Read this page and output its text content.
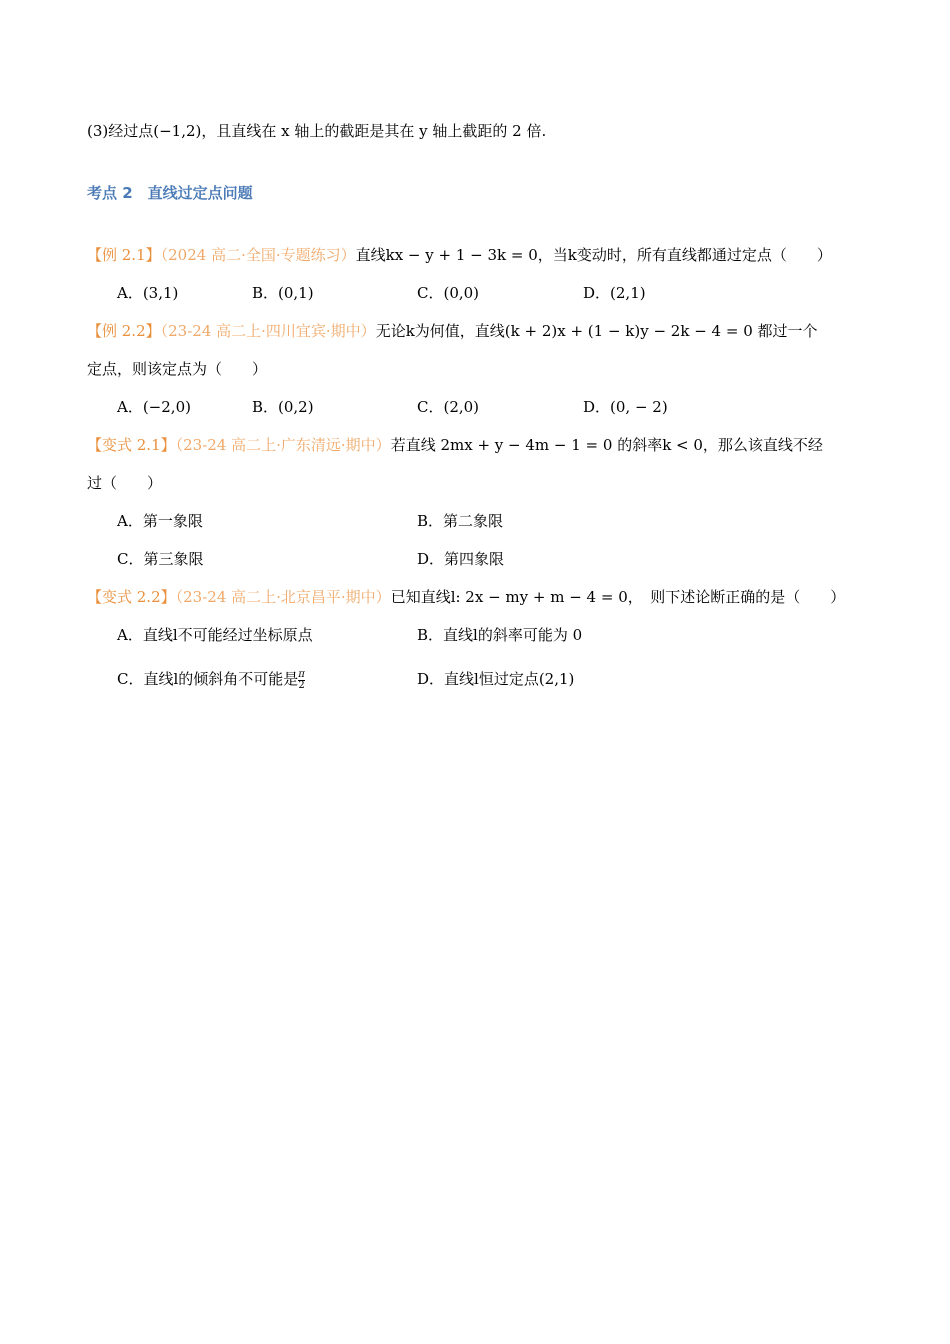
(3)经过点(−1,2)，且直线在 x 轴上的截距是其在 y 轴上截距的 2 倍.
考点 2　直线过定点问题
【例 2.1】（2024 高二·全国·专题练习）直线kx − y + 1 − 3k = 0，当k变动时，所有直线都通过定点（　　）
A．(3,1)	B．(0,1)	C．(0,0)	D．(2,1)
【例 2.2】（23-24 高二上·四川宜宾·期中）无论k为何值，直线(k + 2)x + (1 − k)y − 2k − 4 = 0 都过一个
定点，则该定点为（　　）
A．(−2,0)	B．(0,2)	C．(2,0)	D．(0, − 2)
【变式 2.1】（23-24 高二上·广东清远·期中）若直线 2mx + y − 4m − 1 = 0 的斜率k < 0，那么该直线不经
过（　　）
A．第一象限	B．第二象限
C．第三象限	D．第四象限
【变式 2.2】（23-24 高二上·北京昌平·期中）已知直线l: 2x − my + m − 4 = 0，　则下述论断正确的是（　　）
A．直线l不可能经过坐标原点	B．直线l的斜率可能为 0
C．直线l的倾斜角不可能是 $\frac{\pi}{2}$	D．直线l恒过定点(2,1)
